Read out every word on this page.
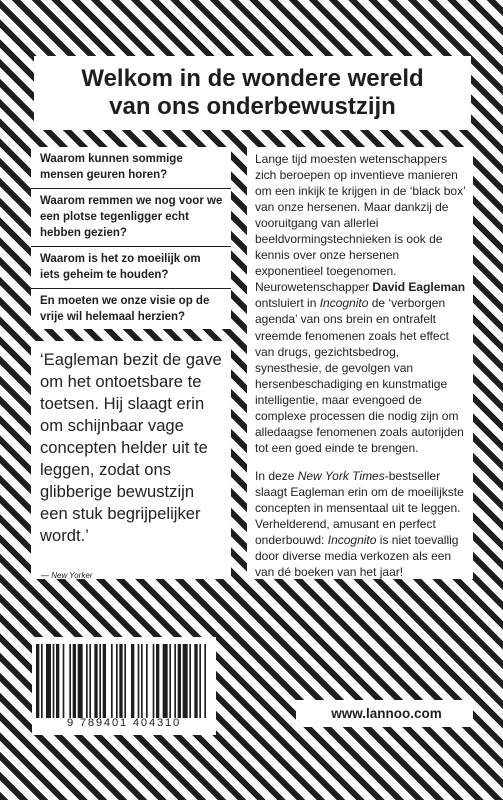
Welkom in de wondere wereld
van ons onderbewustzijn
Waarom kunnen sommige mensen geuren horen?
Waarom remmen we nog voor we een plotse tegenligger echt hebben gezien?
Waarom is het zo moeilijk om iets geheim te houden?
En moeten we onze visie op de vrije wil helemaal herzien?
‘Eagleman bezit de gave om het ontoetsbare te toetsen. Hij slaagt erin om schijnbaar vage concepten helder uit te leggen, zodat ons glibberige bewustzijn een stuk begrijpelijker wordt.’
— New Yorker

Lange tijd moesten wetenschappers zich beroepen op inventieve manieren om een inkijk te krijgen in de ‘black box’ van onze hersenen. Maar dankzij de vooruitgang van allerlei beeldvormingstechnieken is ook de kennis over onze hersenen exponentieel toegenomen. Neurowetenschapper David Eagleman ontsluiert in Incognito de ‘verborgen agenda’ van ons brein en ontrafelt vreemde fenomenen zoals het effect van drugs, gezichtsbedrog, synesthesie, de gevolgen van hersenbeschadiging en kunstmatige intelligentie, maar evengoed de complexe processen die nodig zijn om alledaagse fenomenen zoals autorijden tot een goed einde te brengen.

In deze New York Times-bestseller slaagt Eagleman erin om de moeilijkste concepten in mensentaal uit te leggen. Verhelderend, amusant en perfect onderbouwd: Incognito is niet toevallig door diverse media verkozen als een van dé boeken van het jaar!

9 789401 404310
www.lannoo.com
